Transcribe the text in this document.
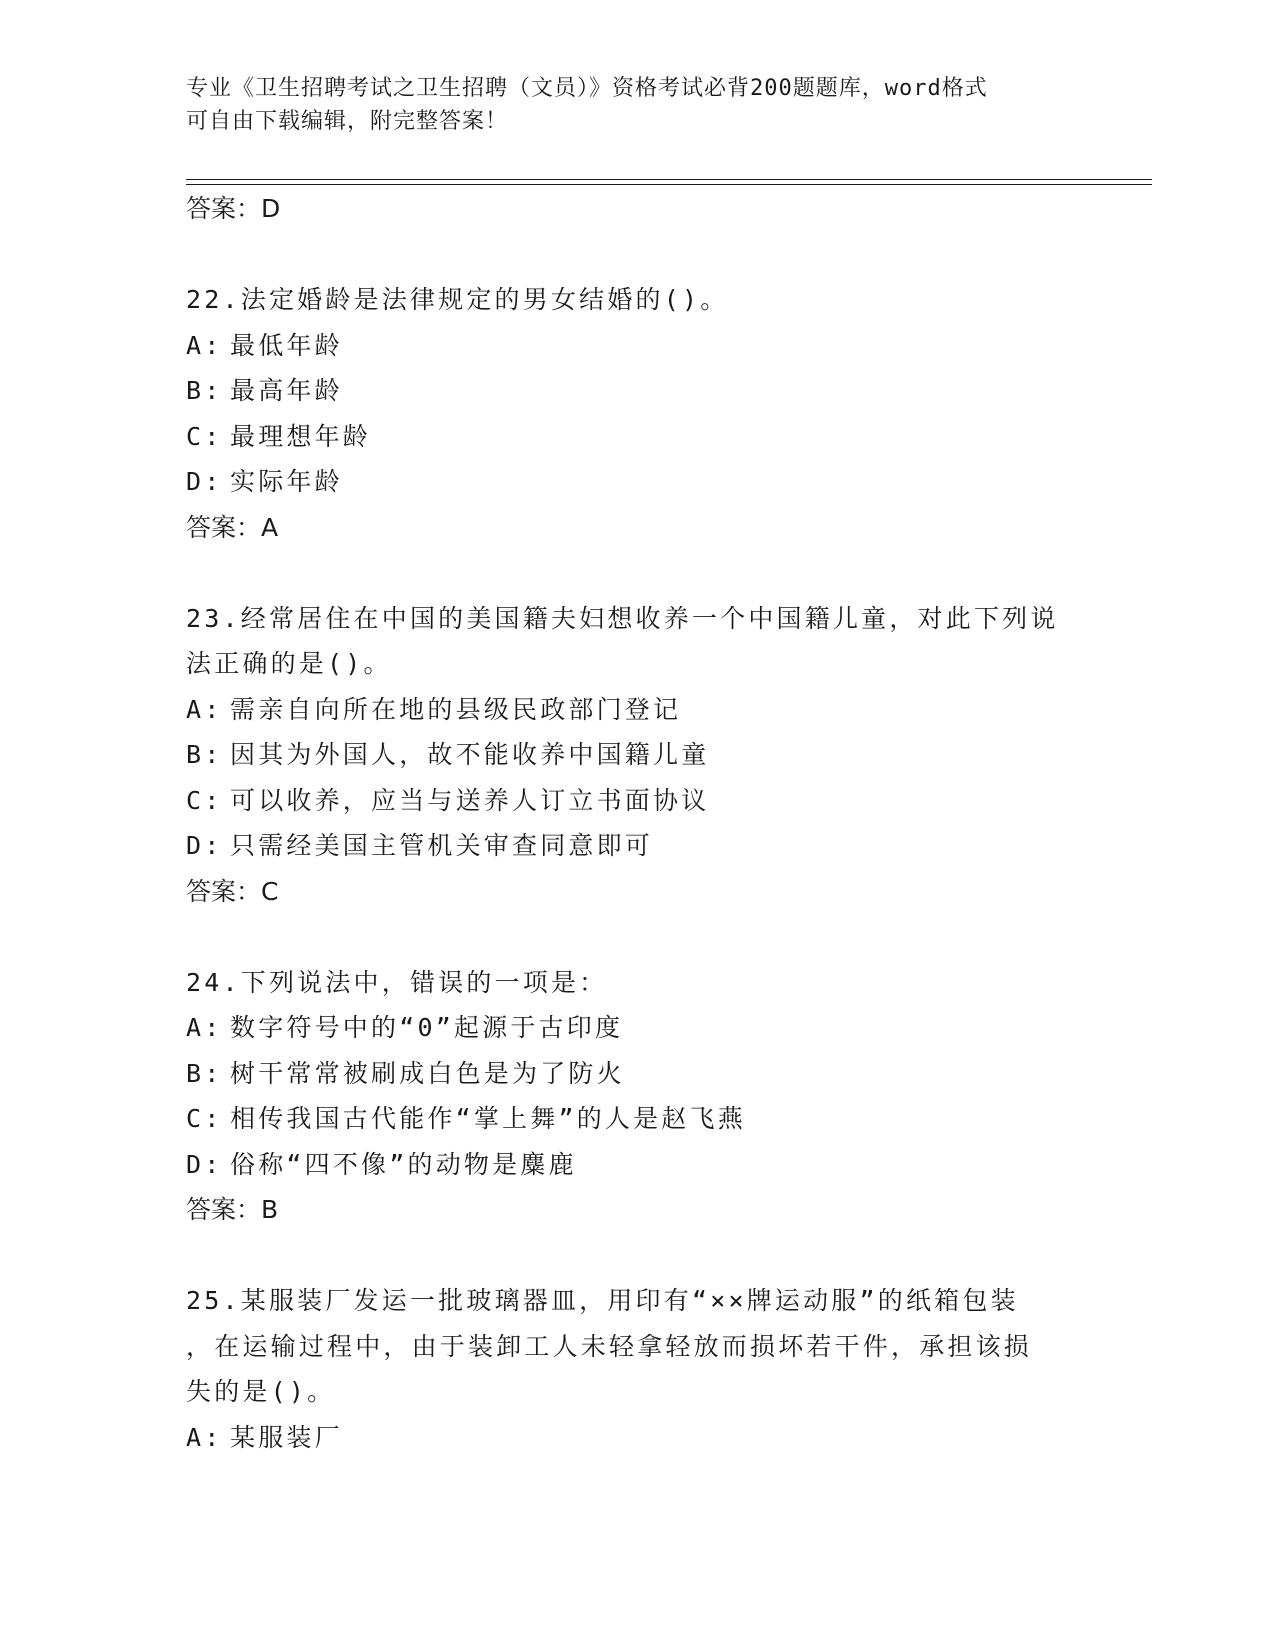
专业《卫生招聘考试之卫生招聘（文员）》资格考试必背200题题库，word格式
可自由下载编辑，附完整答案！
答案：D
22.法定婚龄是法律规定的男女结婚的()。
A: 最低年龄
B: 最高年龄
C: 最理想年龄
D: 实际年龄
答案：A
23.经常居住在中国的美国籍夫妇想收养一个中国籍儿童，对此下列说
法正确的是()。
A: 需亲自向所在地的县级民政部门登记
B: 因其为外国人，故不能收养中国籍儿童
C: 可以收养，应当与送养人订立书面协议
D: 只需经美国主管机关审查同意即可
答案：C
24.下列说法中，错误的一项是：
A: 数字符号中的“0”起源于古印度
B: 树干常常被刷成白色是为了防火
C: 相传我国古代能作“掌上舞”的人是赵飞燕
D: 俗称“四不像”的动物是麋鹿
答案：B
25.某服装厂发运一批玻璃器皿，用印有“××牌运动服”的纸箱包装
，在运输过程中，由于装卸工人未轻拿轻放而损坏若干件，承担该损
失的是()。
A: 某服装厂
